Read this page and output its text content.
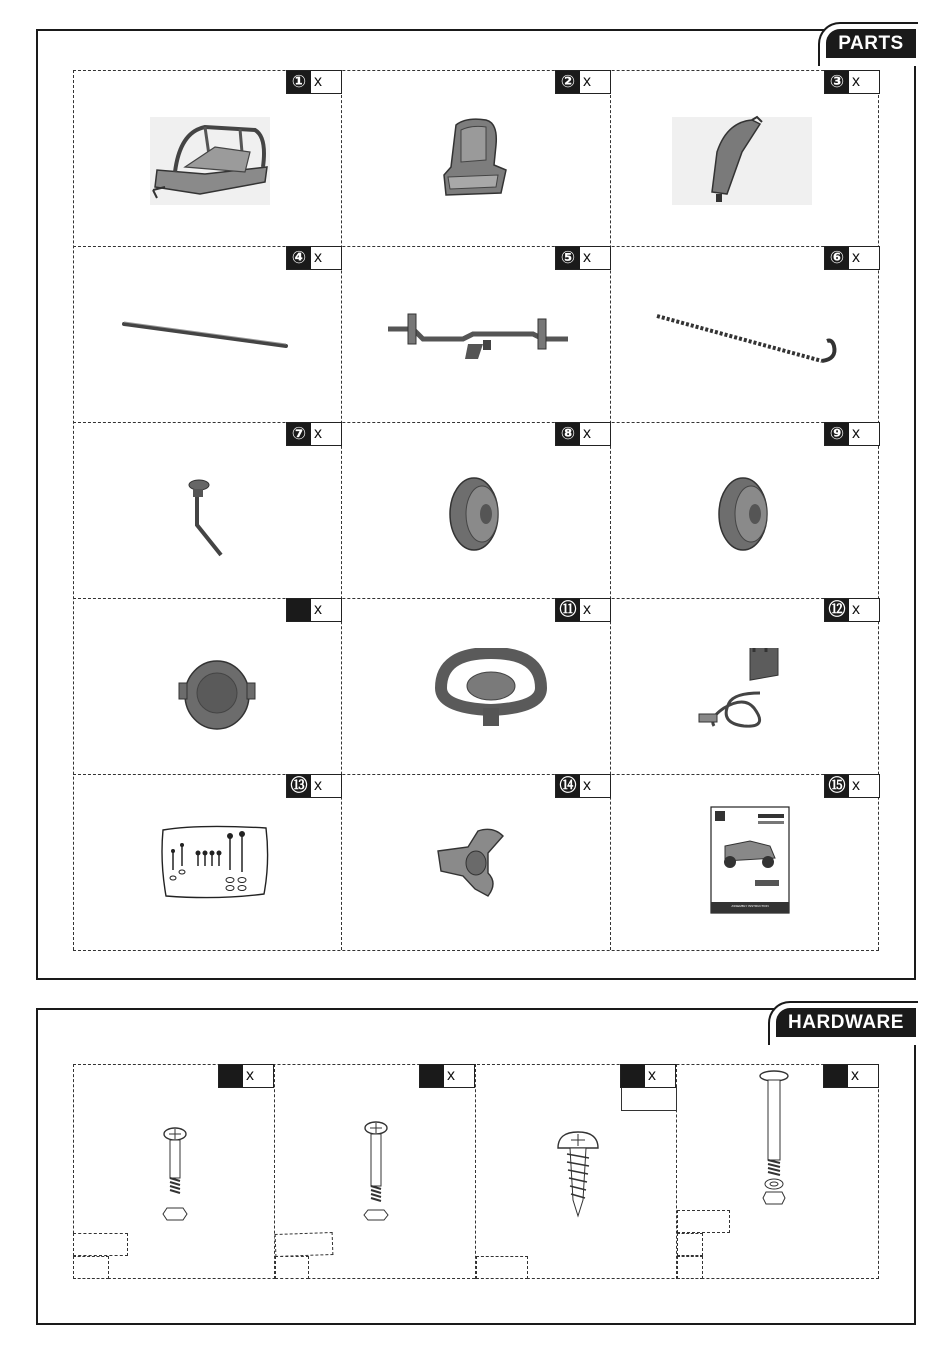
PARTS
① x	② x	③ x
④ x	⑤ x	⑥ x
⑦ x	⑧ x	⑨ x
x	⑪ x	⑫ x
⑬ x	⑭ x	⑮ x
ASSEMBLY INSTRUCTION
HARDWARE
x	x	x	x
